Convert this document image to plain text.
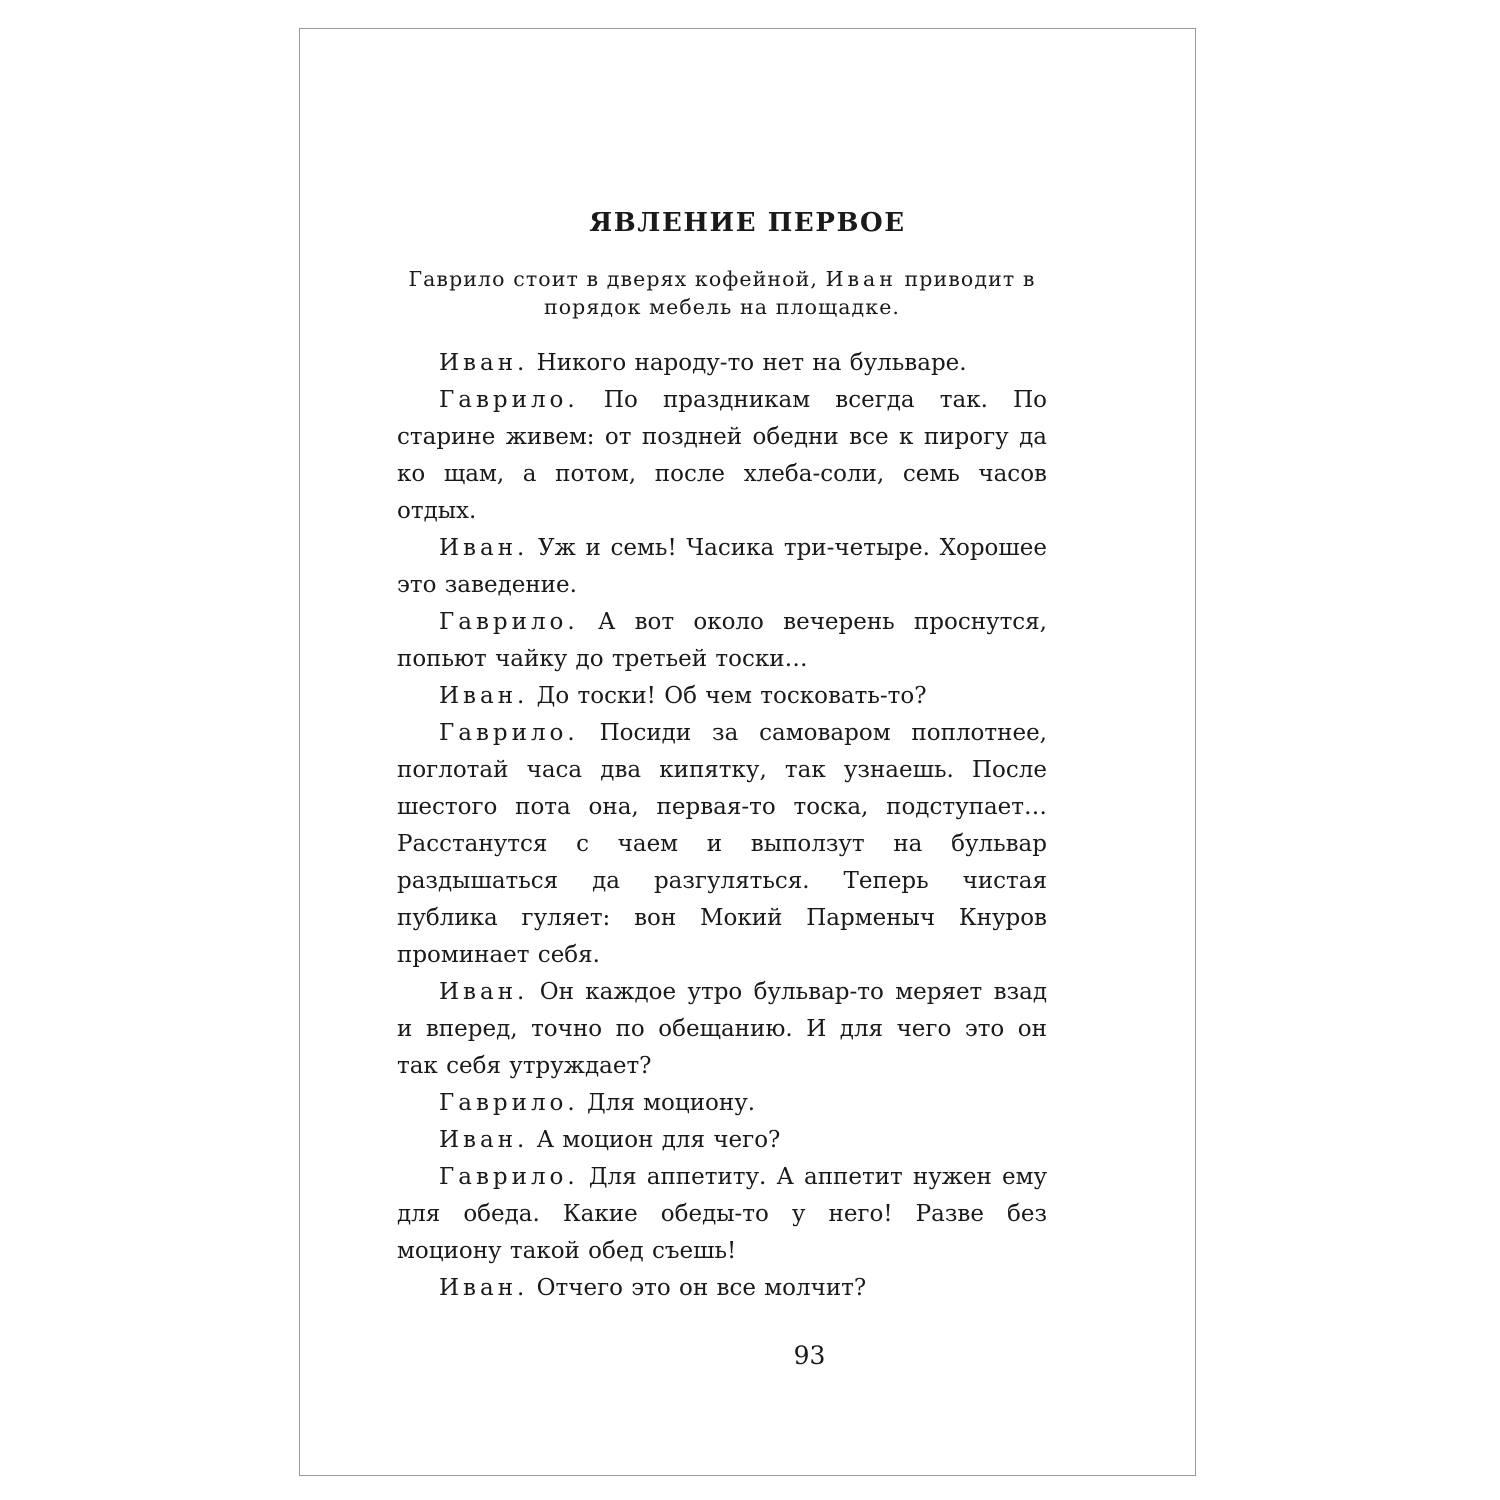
ЯВЛЕНИЕ ПЕРВОЕ
Гаврило стоит в дверях кофейной, Иван приводит в порядок мебель на площадке.

Иван. Никого народу-то нет на бульваре.

Гаврило. По праздникам всегда так. По старине живем: от поздней обедни все к пирогу да ко щам, а потом, после хлеба-соли, семь часов отдых.

Иван. Уж и семь! Часика три-четыре. Хорошее это заведение.

Гаврило. А вот около вечерень проснутся, попьют чайку до третьей тоски…

Иван. До тоски! Об чем тосковать-то?

Гаврило. Посиди за самоваром поплотнее, поглотай часа два кипятку, так узнаешь. После шестого пота она, первая-то тоска, подступает… Расстанутся с чаем и выползут на бульвар раздышаться да разгуляться. Теперь чистая публика гуляет: вон Мокий Парменыч Кнуров проминает себя.

Иван. Он каждое утро бульвар-то меряет взад и вперед, точно по обещанию. И для чего это он так себя утруждает?

Гаврило. Для моциону.

Иван. А моцион для чего?

Гаврило. Для аппетиту. А аппетит нужен ему для обеда. Какие обеды-то у него! Разве без моциону такой обед съешь!

Иван. Отчего это он все молчит?

93
